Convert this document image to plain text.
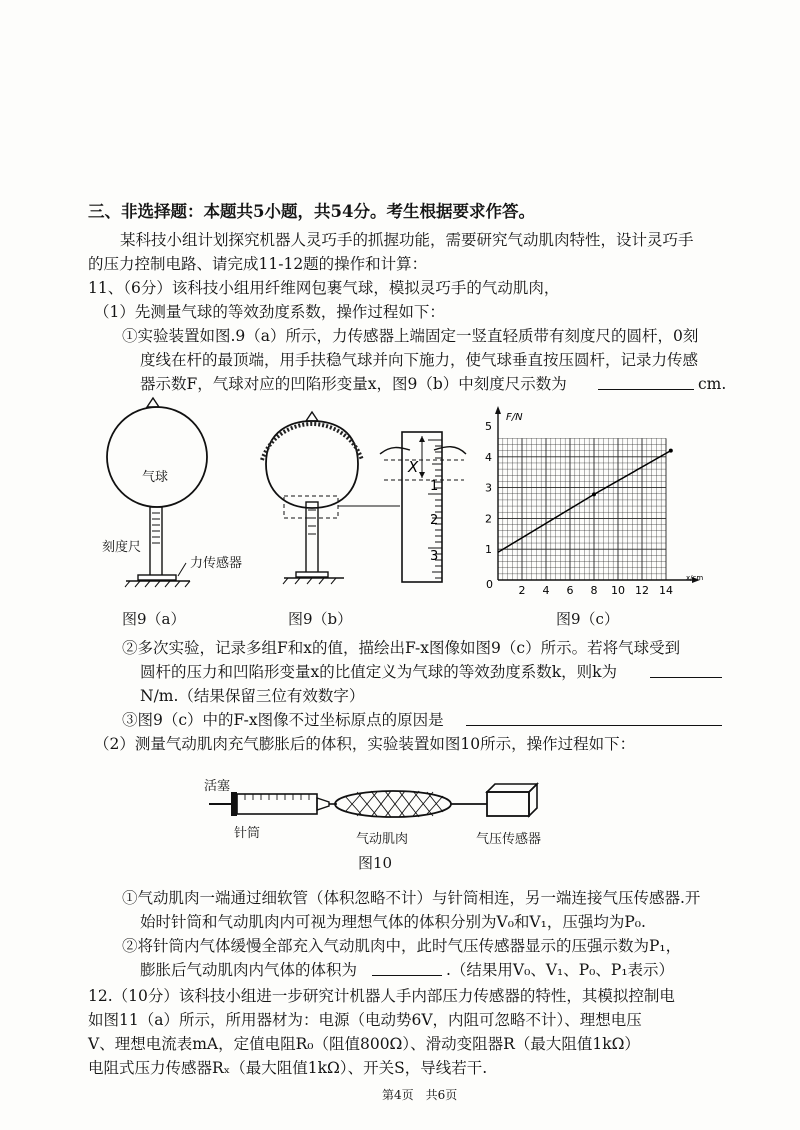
三、非选择题：本题共5小题，共54分。考生根据要求作答。
某科技小组计划探究机器人灵巧手的抓握功能，需要研究气动肌肉特性，设计灵巧手
的压力控制电路、请完成11-12题的操作和计算：
11、（6分）该科技小组用纤维网包裹气球，模拟灵巧手的气动肌肉，
（1）先测量气球的等效劲度系数，操作过程如下：
①实验装置如图.9（a）所示，力传感器上端固定一竖直轻质带有刻度尺的圆杆，0刻
度线在杆的最顶端，用手扶稳气球并向下施力，使气球垂直按压圆杆，记录力传感
器示数F，气球对应的凹陷形变量x，图9（b）中刻度尺示数为	cm.
气球
刻度尺
力传感器
X
1
2
3
2 4 6 8 10 12 14
1
2
3
4
5
F/N
x/cm
0
图9（a）	图9（b）	图9（c）
②多次实验，记录多组F和x的值，描绘出F-x图像如图9（c）所示。若将气球受到
圆杆的压力和凹陷形变量x的比值定义为气球的等效劲度系数k，则k为
N/m.（结果保留三位有效数字）
③图9（c）中的F-x图像不过坐标原点的原因是
（2）测量气动肌肉充气膨胀后的体积，实验装置如图10所示，操作过程如下：
活塞
针筒	气动肌肉	气压传感器
图10
①气动肌肉一端通过细软管（体积忽略不计）与针筒相连，另一端连接气压传感器.开
始时针筒和气动肌肉内可视为理想气体的体积分别为V₀和V₁，压强均为P₀.
②将针筒内气体缓慢全部充入气动肌肉中，此时气压传感器显示的压强示数为P₁，
膨胀后气动肌肉内气体的体积为	.（结果用V₀、V₁、P₀、P₁表示）
12.（10分）该科技小组进一步研究计机器人手内部压力传感器的特性，其模拟控制电
如图11（a）所示，所用器材为：电源（电动势6V，内阻可忽略不计）、理想电压
V、理想电流表mA，定值电阻R₀（阻值800Ω）、滑动变阻器R（最大阻值1kΩ）
电阻式压力传感器Rₓ（最大阻值1kΩ）、开关S，导线若干.
第4页　共6页
